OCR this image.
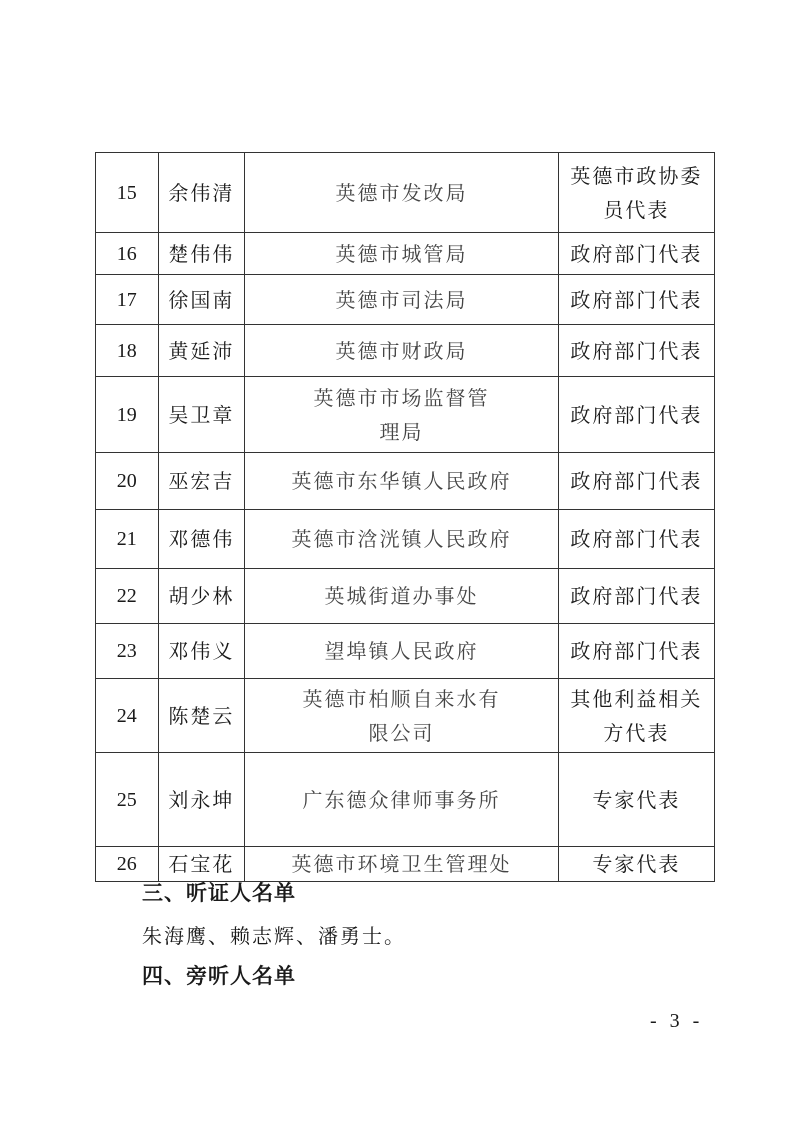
15	余伟清	英德市发改局	英德市政协委员代表
16	楚伟伟	英德市城管局	政府部门代表
17	徐国南	英德市司法局	政府部门代表
18	黄延沛	英德市财政局	政府部门代表
19	吴卫章	英德市市场监督管理局	政府部门代表
20	巫宏吉	英德市东华镇人民政府	政府部门代表
21	邓德伟	英德市浛洸镇人民政府	政府部门代表
22	胡少林	英城街道办事处	政府部门代表
23	邓伟义	望埠镇人民政府	政府部门代表
24	陈楚云	英德市柏顺自来水有限公司	其他利益相关方代表
25	刘永坤	广东德众律师事务所	专家代表
26	石宝花	英德市环境卫生管理处	专家代表
三、听证人名单
朱海鹰、赖志辉、潘勇士。
四、旁听人名单
- 3 -
